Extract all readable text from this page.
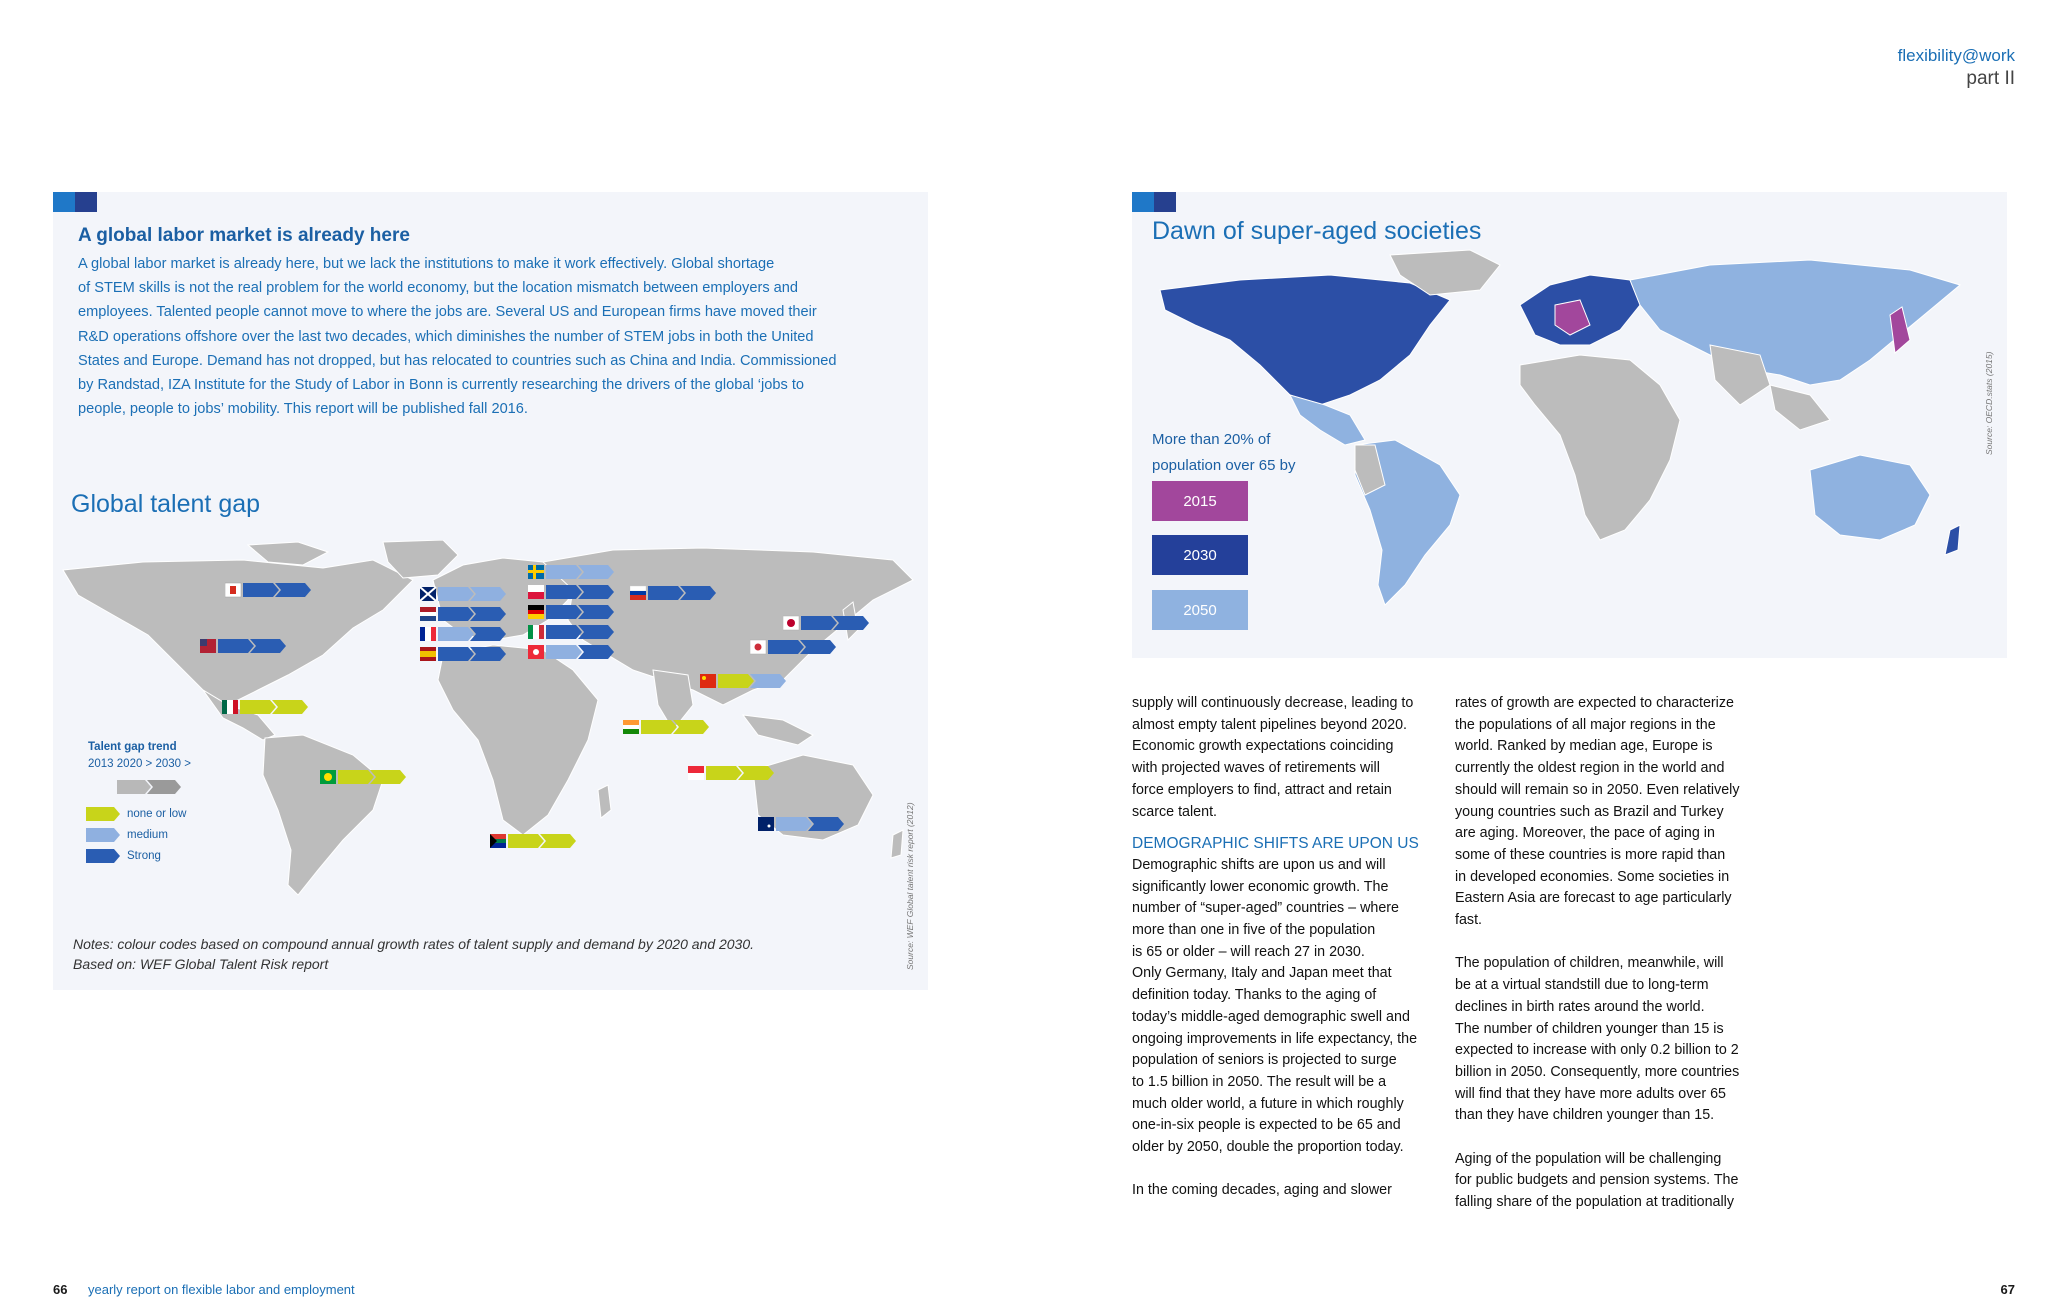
flexibility@work
part II
A global labor market is already here
A global labor market is already here, but we lack the institutions to make it work effectively. Global shortage
of STEM skills is not the real problem for the world economy, but the location mismatch between employers and
employees. Talented people cannot move to where the jobs are. Several US and European firms have moved their
R&D operations offshore over the last two decades, which diminishes the number of STEM jobs in both the United
States and Europe. Demand has not dropped, but has relocated to countries such as China and India. Commissioned
by Randstad, IZA Institute for the Study of Labor in Bonn is currently researching the drivers of the global ‘jobs to
people, people to jobs’ mobility. This report will be published fall 2016.
Global talent gap
Talent gap trend
2013 2020 > 2030 >
none or low
medium
Strong
Notes: colour codes based on compound annual growth rates of talent supply and demand by 2020 and 2030.
Based on: WEF Global Talent Risk report	Source: WEF Global talent risk report (2012)
Dawn of super-aged societies
More than 20% of
population over 65 by
2015
2030
2050
Source: OECD.stats (2015)

supply will continuously decrease, leading to

almost empty talent pipelines beyond 2020.

Economic growth expectations coinciding

with projected waves of retirements will

force employers to find, attract and retain

scarce talent.

DEMOGRAPHIC SHIFTS ARE UPON US

Demographic shifts are upon us and will

significantly lower economic growth. The

number of “super-aged” countries – where

more than one in five of the population

is 65 or older – will reach 27 in 2030.

Only Germany, Italy and Japan meet that

definition today. Thanks to the aging of

today’s middle-aged demographic swell and

ongoing improvements in life expectancy, the

population of seniors is projected to surge

to 1.5 billion in 2050. The result will be a

much older world, a future in which roughly

one-in-six people is expected to be 65 and

older by 2050, double the proportion today.

In the coming decades, aging and slower

rates of growth are expected to characterize

the populations of all major regions in the

world. Ranked by median age, Europe is

currently the oldest region in the world and

should will remain so in 2050. Even relatively

young countries such as Brazil and Turkey

are aging. Moreover, the pace of aging in

some of these countries is more rapid than

in developed economies. Some societies in

Eastern Asia are forecast to age particularly

fast.

The population of children, meanwhile, will

be at a virtual standstill due to long-term

declines in birth rates around the world.

The number of children younger than 15 is

expected to increase with only 0.2 billion to 2

billion in 2050. Consequently, more countries

will find that they have more adults over 65

than they have children younger than 15.

Aging of the population will be challenging

for public budgets and pension systems. The

falling share of the population at traditionally

66 yearly report on flexible labor and employment	67
